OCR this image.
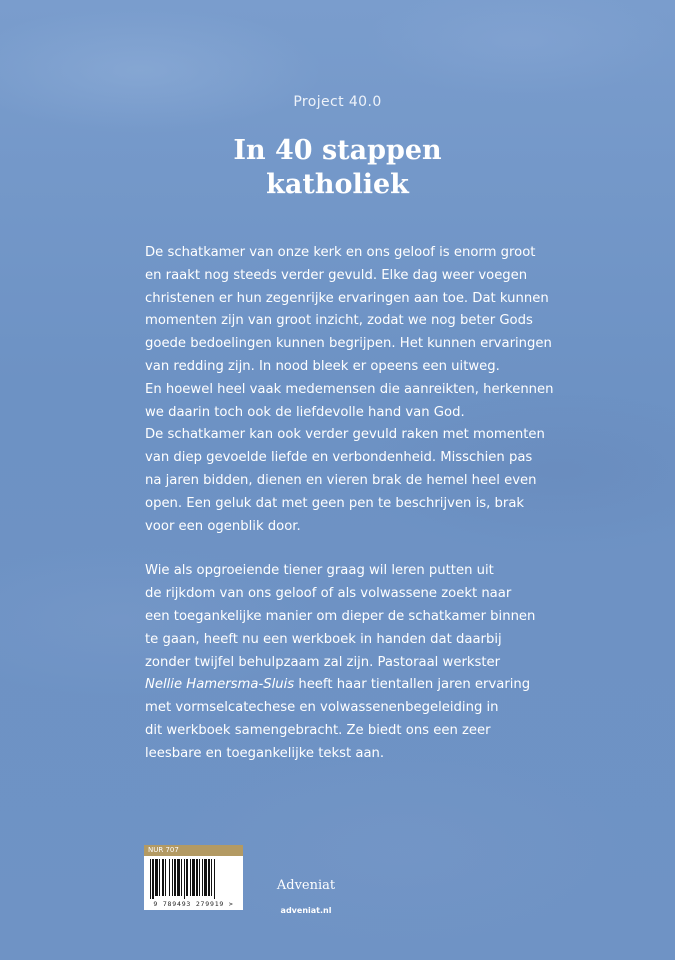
Project 40.0
In 40 stappen
katholiek

De schatkamer van onze kerk en ons geloof is enorm groot
en raakt nog steeds verder gevuld. Elke dag weer voegen
christenen er hun zegenrijke ervaringen aan toe. Dat kunnen
momenten zijn van groot inzicht, zodat we nog beter Gods
goede bedoelingen kunnen begrijpen. Het kunnen ervaringen
van redding zijn. In nood bleek er opeens een uitweg.
En hoewel heel vaak medemensen die aanreikten, herkennen
we daarin toch ook de liefdevolle hand van God.
De schatkamer kan ook verder gevuld raken met momenten
van diep gevoelde liefde en verbondenheid. Misschien pas
na jaren bidden, dienen en vieren brak de hemel heel even
open. Een geluk dat met geen pen te beschrijven is, brak
voor een ogenblik door.

Wie als opgroeiende tiener graag wil leren putten uit
de rijkdom van ons geloof of als volwassene zoekt naar
een toegankelijke manier om dieper de schatkamer binnen
te gaan, heeft nu een werkboek in handen dat daarbij
zonder twijfel behulpzaam zal zijn. Pastoraal werkster
Nellie Hamersma-Sluis heeft haar tientallen jaren ervaring
met vormselcatechese en volwassenenbegeleiding in
dit werkboek samengebracht. Ze biedt ons een zeer
leesbare en toegankelijke tekst aan.

NUR 707
9 789493 279919 >
Adveniat
adveniat.nl
